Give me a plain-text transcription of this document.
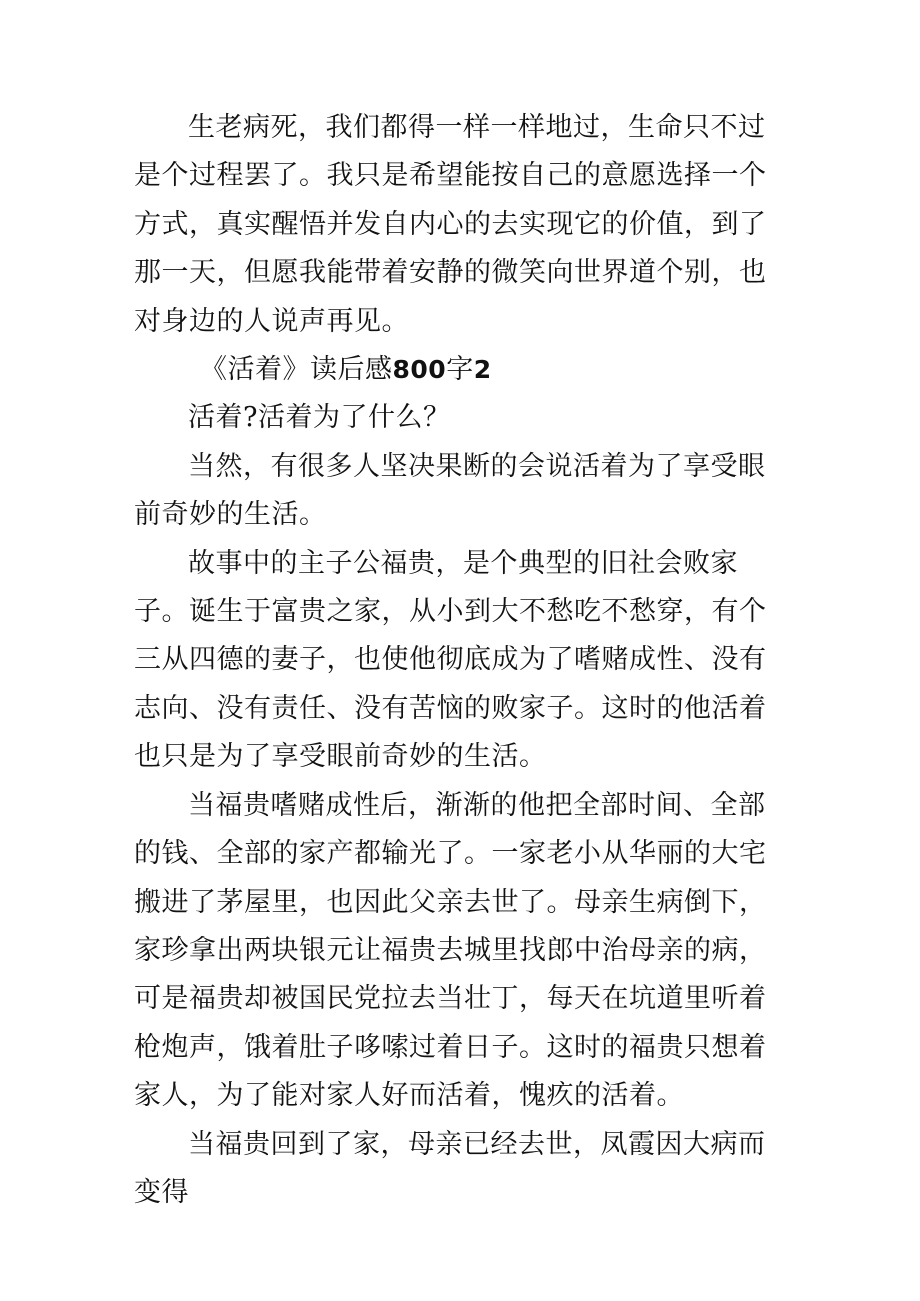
生老病死，我们都得一样一样地过，生命只不过是个过程罢了。我只是希望能按自己的意愿选择一个方式，真实醒悟并发自内心的去实现它的价值，到了那一天，但愿我能带着安静的微笑向世界道个别，也对身边的人说声再见。

《活着》读后感800字2

活着?活着为了什么？

当然，有很多人坚决果断的会说活着为了享受眼前奇妙的生活。

故事中的主子公福贵，是个典型的旧社会败家子。诞生于富贵之家，从小到大不愁吃不愁穿，有个三从四德的妻子，也使他彻底成为了嗜赌成性、没有志向、没有责任、没有苦恼的败家子。这时的他活着也只是为了享受眼前奇妙的生活。

当福贵嗜赌成性后，渐渐的他把全部时间、全部的钱、全部的家产都输光了。一家老小从华丽的大宅搬进了茅屋里，也因此父亲去世了。母亲生病倒下，家珍拿出两块银元让福贵去城里找郎中治母亲的病，可是福贵却被国民党拉去当壮丁，每天在坑道里听着枪炮声，饿着肚子哆嗦过着日子。这时的福贵只想着家人，为了能对家人好而活着，愧疚的活着。

当福贵回到了家，母亲已经去世，凤霞因大病而变得
